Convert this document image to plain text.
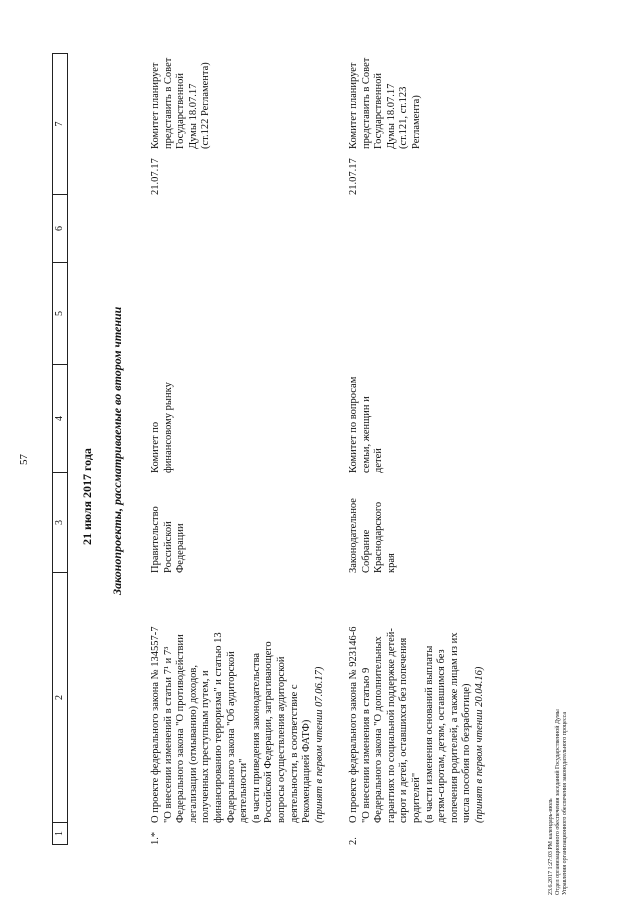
57
1
2
3
4
5
6
7
21 июля 2017 года Законопроекты, рассматриваемые во втором чтении
1.*
О проекте федерального закона № 134557-7 "О внесении изменений в статьи 7¹ и 7³ Федерального закона "О противодействии легализации (отмыванию) доходов, полученных преступным путем, и финансированию терроризма" и статью 13 Федерального закона "Об аудиторской деятельности" (в части приведения законодательства Российской Федерации, затрагивающего вопросы осуществления аудиторской деятельности, в соответствие с Рекомендацией ФАТФ) (принят в первом чтении 07.06.17)
Правительство Российской Федерации
Комитет по финансовому рынку
21.07.17
Комитет планирует представить в Совет Государственной Думы 18.07.17 (ст.122 Регламента)
2.
О проекте федерального закона № 923146-6 "О внесении изменения в статью 9 Федерального закона "О дополнительных гарантиях по социальной поддержке детей- сирот и детей, оставшихся без попечения родителей" (в части изменения оснований выплаты детям-сиротам, детям, оставшимся без попечения родителей, а также лицам из их числа пособия по безработице) (принят в первом чтении 20.04.16)
Законодательное Собрание Краснодарского края
Комитет по вопросам семьи, женщин и детей
21.07.17
Комитет планирует представить в Совет Государственной Думы 18.07.17 (ст.121, ст.123 Регламента)
23.6.2017 1:27:03 PM календарь-июль Отдел организационного обеспечения заседаний Государственной Думы Управления организационного обеспечения законодательного процесса
